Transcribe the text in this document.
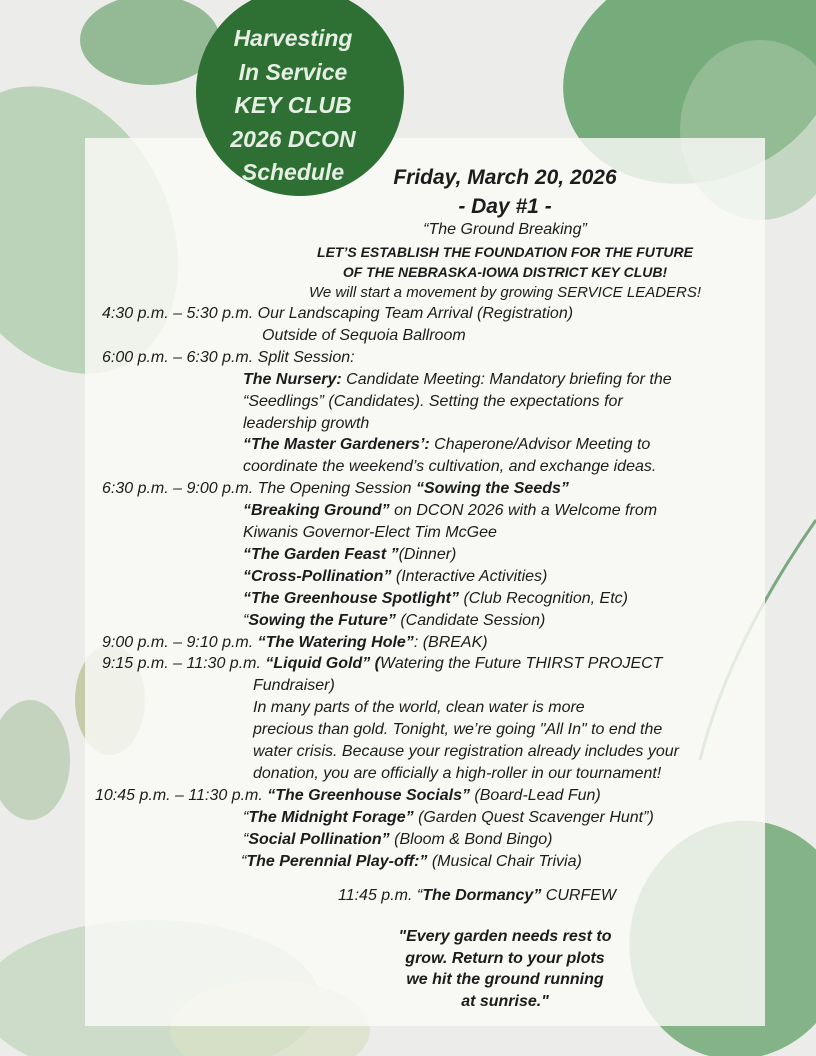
Harvesting
In Service
KEY CLUB
2026 DCON
Schedule	Friday, March 20, 2026
- Day #1 -
“The Ground Breaking”
LET’S ESTABLISH THE FOUNDATION FOR THE FUTURE
OF THE NEBRASKA-IOWA DISTRICT KEY CLUB!
We will start a movement by growing SERVICE LEADERS!
4:30 p.m. – 5:30 p.m. Our Landscaping Team Arrival (Registration)
Outside of Sequoia Ballroom
6:00 p.m. – 6:30 p.m. Split Session:
The Nursery: Candidate Meeting: Mandatory briefing for the
“Seedlings” (Candidates). Setting the expectations for
leadership growth
“The Master Gardeners’: Chaperone/Advisor Meeting to
coordinate the weekend’s cultivation, and exchange ideas.
6:30 p.m. – 9:00 p.m. The Opening Session “Sowing the Seeds”
“Breaking Ground” on DCON 2026 with a Welcome from
Kiwanis Governor-Elect Tim McGee
“The Garden Feast ”(Dinner)
“Cross-Pollination” (Interactive Activities)
“The Greenhouse Spotlight” (Club Recognition, Etc)
“Sowing the Future” (Candidate Session)
9:00 p.m. – 9:10 p.m. “The Watering Hole”: (BREAK)
9:15 p.m. – 11:30 p.m. “Liquid Gold” (Watering the Future THIRST PROJECT
Fundraiser)
In many parts of the world, clean water is more
precious than gold. Tonight, we’re going "All In" to end the
water crisis. Because your registration already includes your
donation, you are officially a high-roller in our tournament!
10:45 p.m. – 11:30 p.m. “The Greenhouse Socials” (Board-Lead Fun)
“The Midnight Forage” (Garden Quest Scavenger Hunt”)
“Social Pollination” (Bloom & Bond Bingo)
“The Perennial Play-off:” (Musical Chair Trivia)
11:45 p.m. “The Dormancy” CURFEW
"Every garden needs rest to
grow. Return to your plots
we hit the ground running
at sunrise."
